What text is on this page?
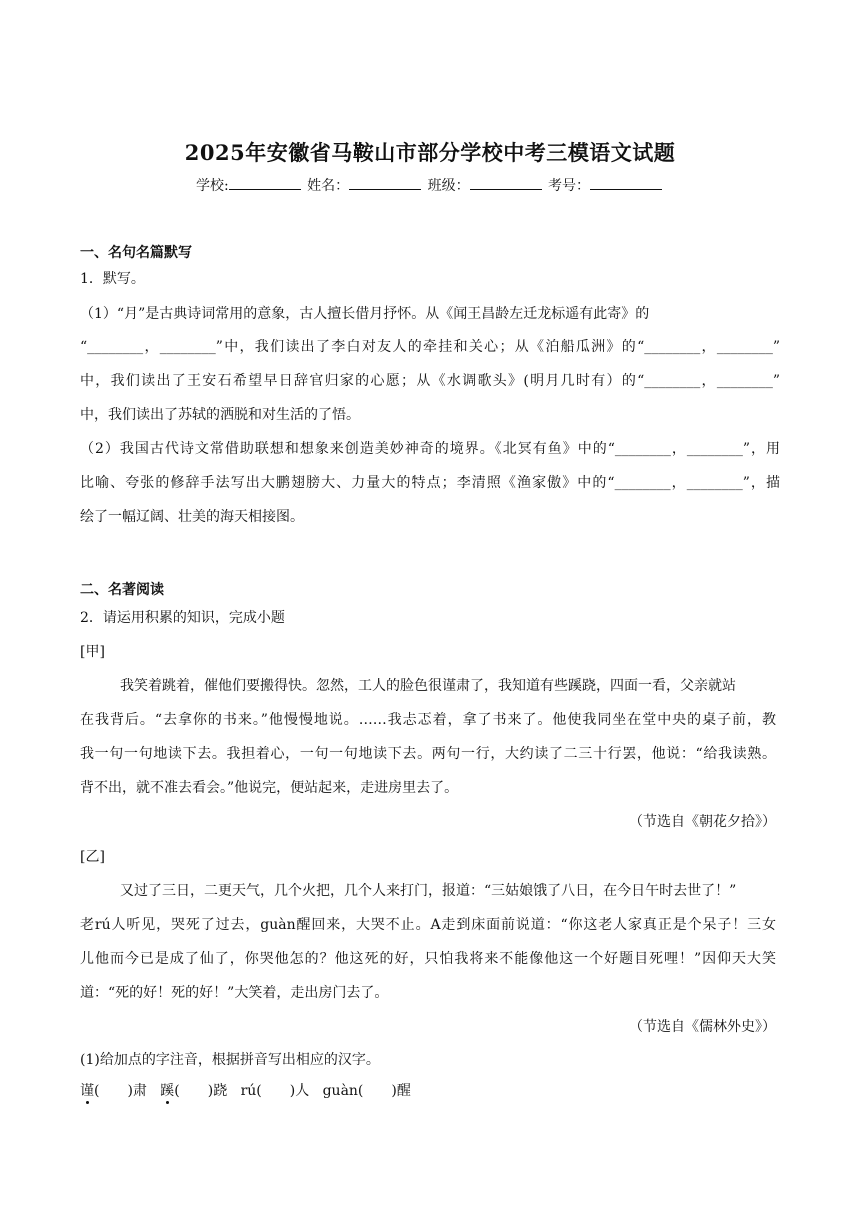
2025年安徽省马鞍山市部分学校中考三模语文试题
学校:	姓名：	班级：	考号：
一、名句名篇默写
1．默写。
（1）“月”是古典诗词常用的意象，古人擅长借月抒怀。从《闻王昌龄左迁龙标遥有此寄》的
“________，________”中，我们读出了李白对友人的牵挂和关心；从《泊船瓜洲》的“________，________”
中，我们读出了王安石希望早日辞官归家的心愿；从《水调歌头》(明月几时有）的“________，________”
中，我们读出了苏轼的洒脱和对生活的了悟。
（2）我国古代诗文常借助联想和想象来创造美妙神奇的境界。《北冥有鱼》中的“________，________”，用
比喻、夸张的修辞手法写出大鹏翅膀大、力量大的特点；李清照《渔家傲》中的“________，________”，描
绘了一幅辽阔、壮美的海天相接图。
二、名著阅读
2．请运用积累的知识，完成小题
[甲]
我笑着跳着，催他们要搬得快。忽然，工人的脸色很谨肃了，我知道有些蹊跷，四面一看，父亲就站
在我背后。“去拿你的书来。”他慢慢地说。……我忐忑着，拿了书来了。他使我同坐在堂中央的桌子前，教
我一句一句地读下去。我担着心，一句一句地读下去。两句一行，大约读了二三十行罢，他说：“给我读熟。
背不出，就不准去看会。”他说完，便站起来，走进房里去了。
（节选自《朝花夕拾》）
[乙]
又过了三日，二更天气，几个火把，几个人来打门，报道：“三姑娘饿了八日，在今日午时去世了！”
老rú人听见，哭死了过去，guàn醒回来，大哭不止。A走到床面前说道：“你这老人家真正是个呆子！三女
儿他而今已是成了仙了，你哭他怎的？他这死的好，只怕我将来不能像他这一个好题目死哩！”因仰天大笑
道：“死的好！死的好！”大笑着，走出房门去了。
（节选自《儒林外史》）
(1)给加点的字注音，根据拼音写出相应的汉字。
谨(　　)肃 蹊(　　)跷 rú(　　)人 guàn(　　)醒
